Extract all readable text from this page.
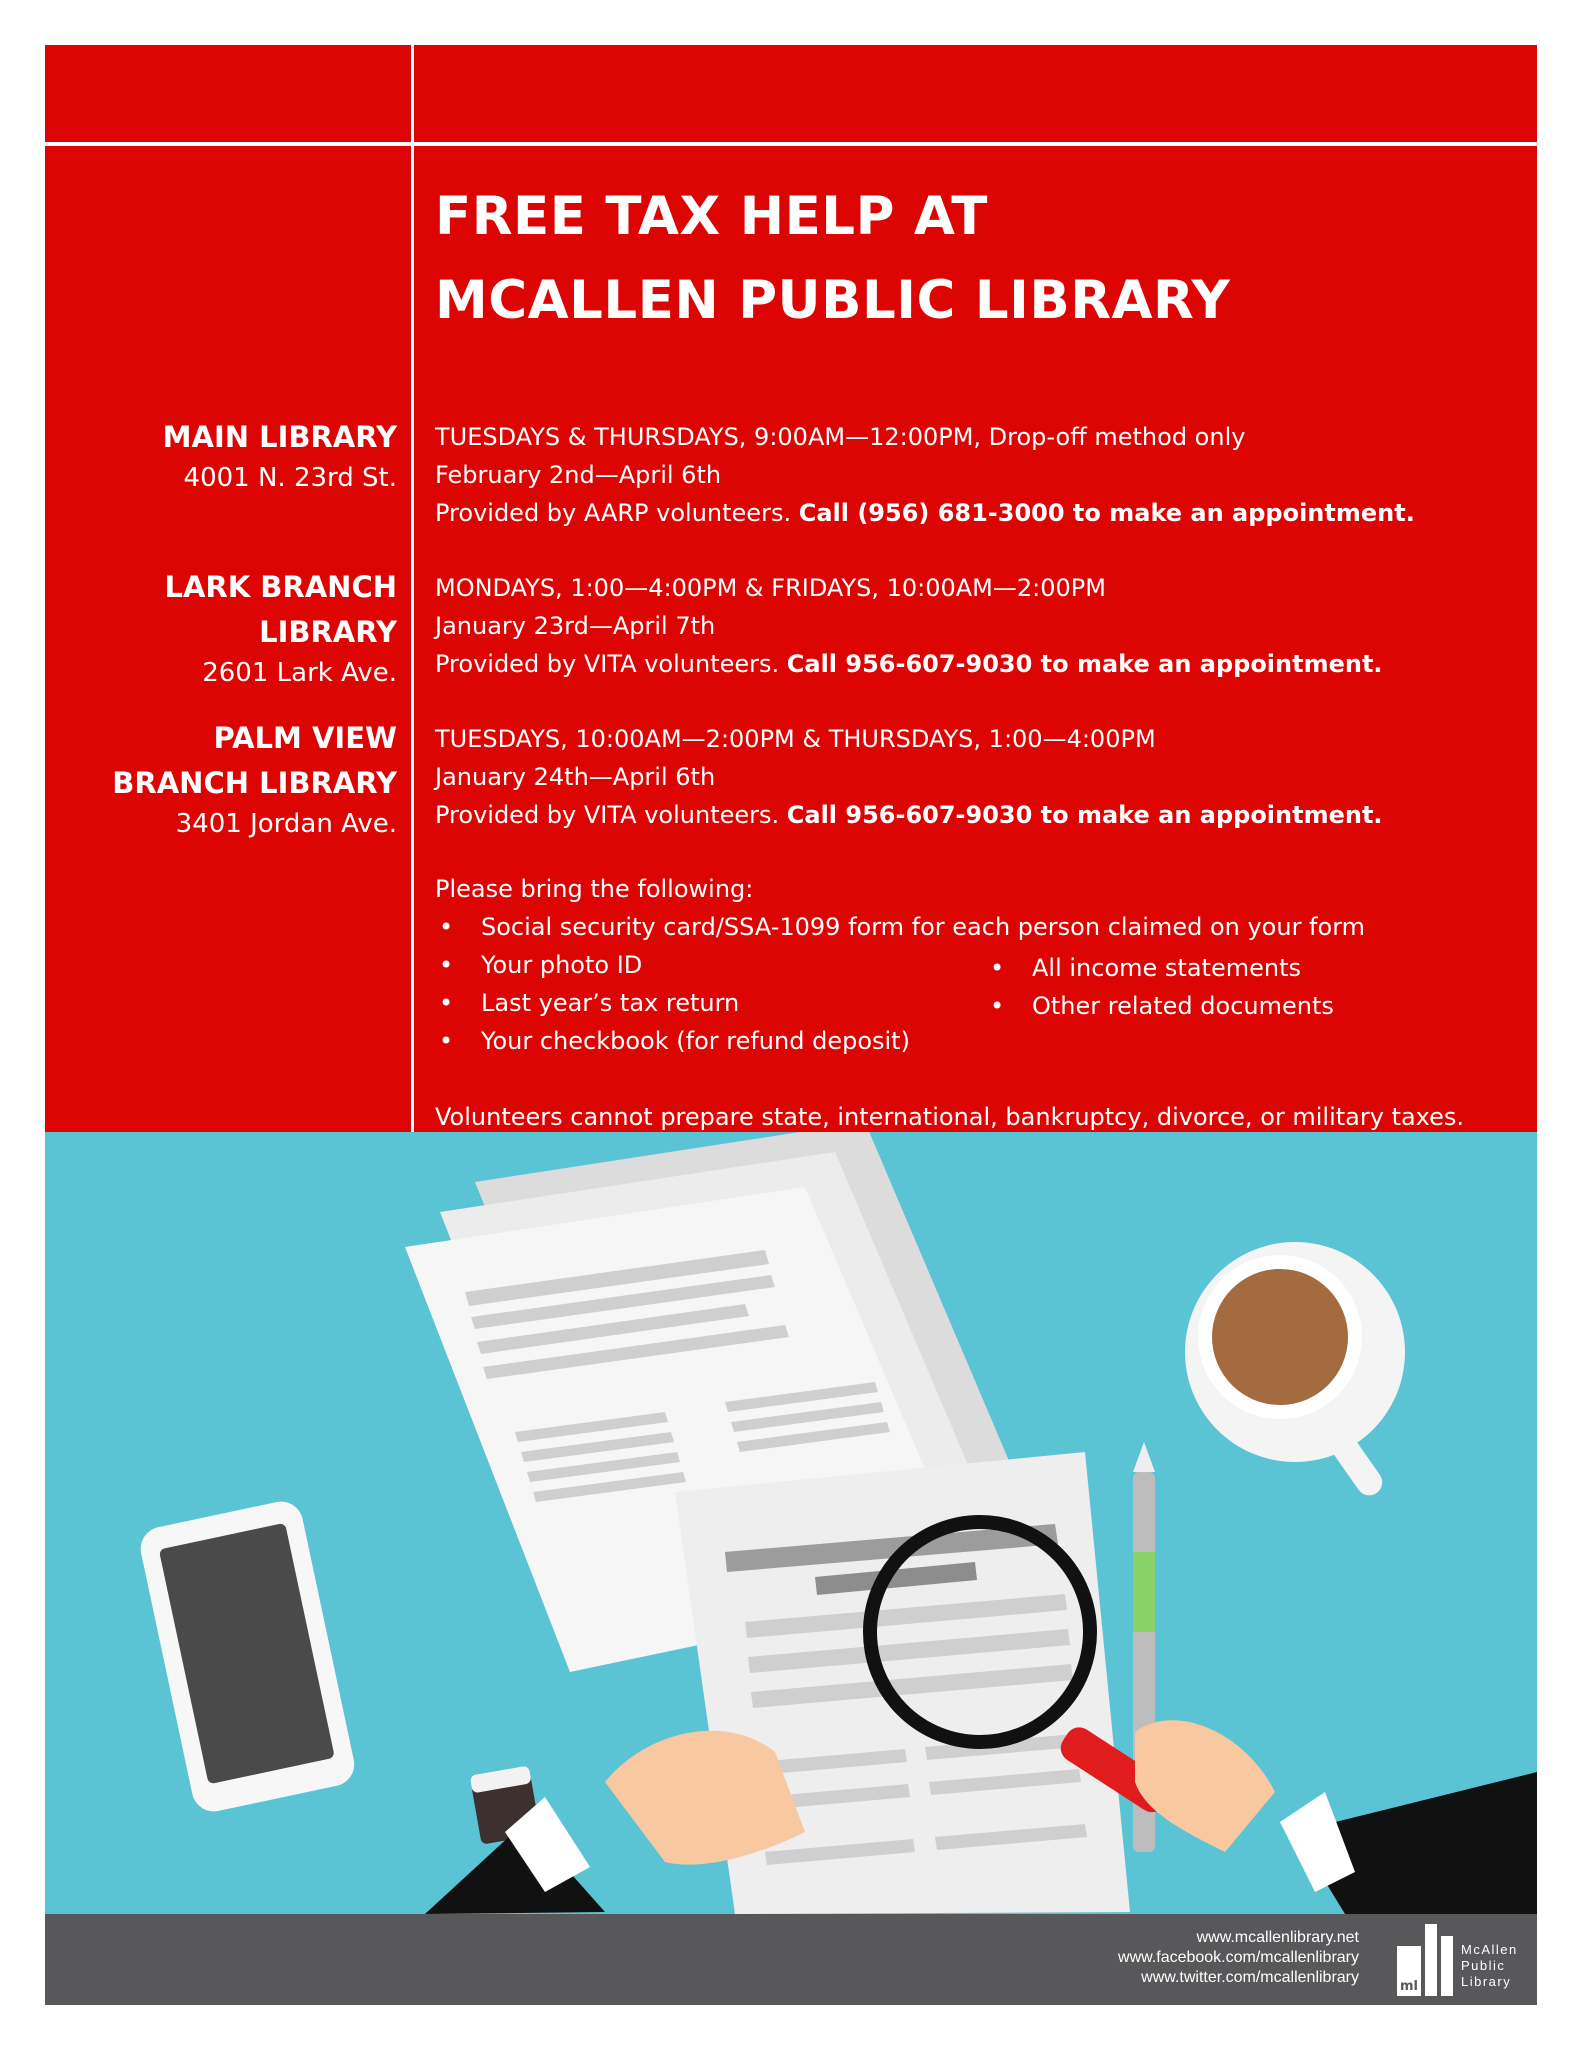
FREE TAX HELP AT
MCALLEN PUBLIC LIBRARY
MAIN LIBRARY
4001 N. 23rd St.
TUESDAYS & THURSDAYS, 9:00AM—12:00PM, Drop-off method only
February 2nd—April 6th
Provided by AARP volunteers. Call (956) 681-3000 to make an appointment.
LARK BRANCH
LIBRARY
2601 Lark Ave.
MONDAYS, 1:00—4:00PM & FRIDAYS, 10:00AM—2:00PM
January 23rd—April 7th
Provided by VITA volunteers. Call 956-607-9030 to make an appointment.
PALM VIEW
BRANCH LIBRARY
3401 Jordan Ave.
TUESDAYS, 10:00AM—2:00PM & THURSDAYS, 1:00—4:00PM
January 24th—April 6th
Provided by VITA volunteers. Call 956-607-9030 to make an appointment.
Please bring the following:
•	Social security card/SSA-1099 form for each person claimed on your form
•	Your photo ID
•	Last year’s tax return
•	Your checkbook (for refund deposit)
•	All income statements
•	Other related documents
Volunteers cannot prepare state, international, bankruptcy, divorce, or military taxes.
www.mcallenlibrary.net
www.facebook.com/mcallenlibrary
www.twitter.com/mcallenlibrary
ml
McAllen
Public
Library
